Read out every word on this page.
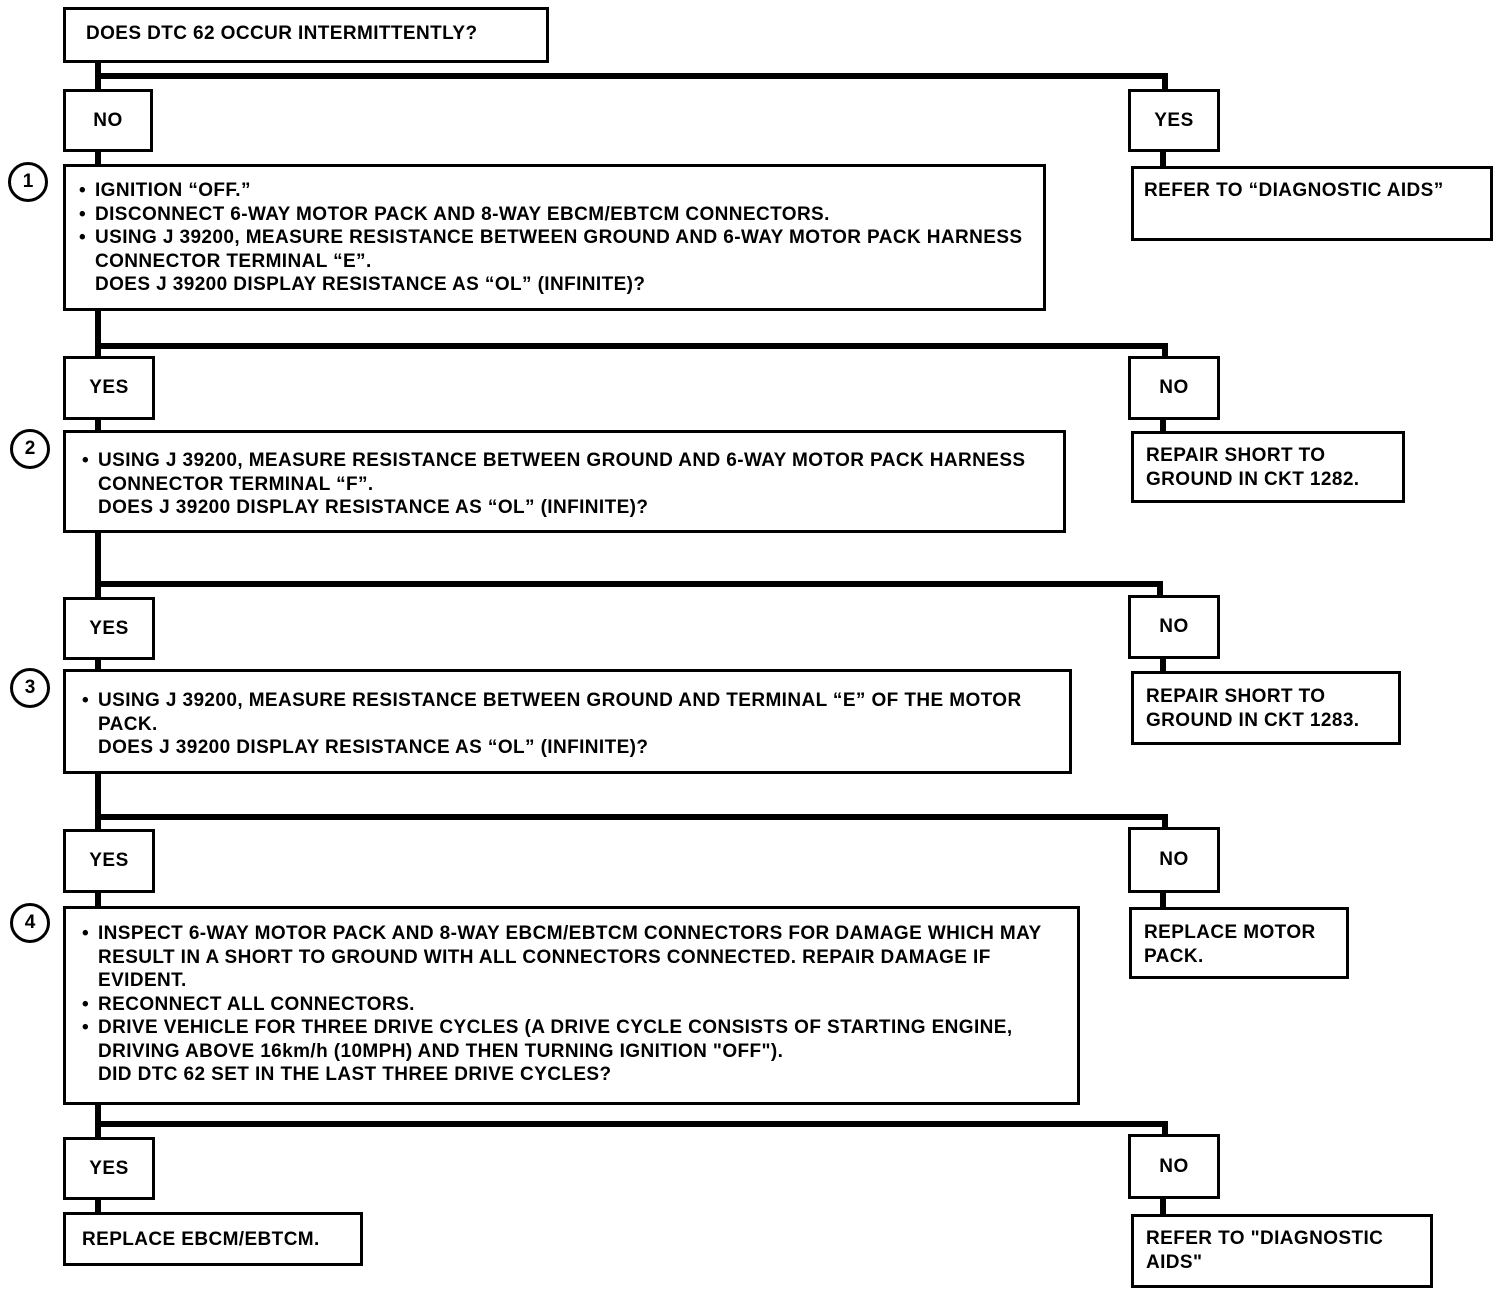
DOES DTC 62 OCCUR INTERMITTENTLY?
NO	YES
REFER TO “DIAGNOSTIC AIDS”
1
•	IGNITION “OFF.”
• DISCONNECT 6-WAY MOTOR PACK AND 8-WAY EBCM/EBTCM CONNECTORS.
• USING J 39200, MEASURE RESISTANCE BETWEEN GROUND AND 6-WAY MOTOR PACK HARNESS CONNECTOR TERMINAL “E”.
DOES J 39200 DISPLAY RESISTANCE AS “OL” (INFINITE)?
YES	NO
REPAIR SHORT TO GROUND IN CKT 1282.
2
• USING J 39200, MEASURE RESISTANCE BETWEEN GROUND AND 6-WAY MOTOR PACK HARNESS CONNECTOR TERMINAL “F”.
DOES J 39200 DISPLAY RESISTANCE AS “OL” (INFINITE)?
YES	NO
REPAIR SHORT TO GROUND IN CKT 1283.
3
• USING J 39200, MEASURE RESISTANCE BETWEEN GROUND AND TERMINAL “E” OF THE MOTOR PACK.
DOES J 39200 DISPLAY RESISTANCE AS “OL” (INFINITE)?
YES	NO
REPLACE MOTOR PACK.
4
• INSPECT 6-WAY MOTOR PACK AND 8-WAY EBCM/EBTCM CONNECTORS FOR DAMAGE WHICH MAY RESULT IN A SHORT TO GROUND WITH ALL CONNECTORS CONNECTED. REPAIR DAMAGE IF EVIDENT.
• RECONNECT ALL CONNECTORS.
• DRIVE VEHICLE FOR THREE DRIVE CYCLES (A DRIVE CYCLE CONSISTS OF STARTING ENGINE, DRIVING ABOVE 16km/h (10MPH) AND THEN TURNING IGNITION "OFF").
DID DTC 62 SET IN THE LAST THREE DRIVE CYCLES?
YES	NO
REPLACE EBCM/EBTCM.	REFER TO "DIAGNOSTIC AIDS"
